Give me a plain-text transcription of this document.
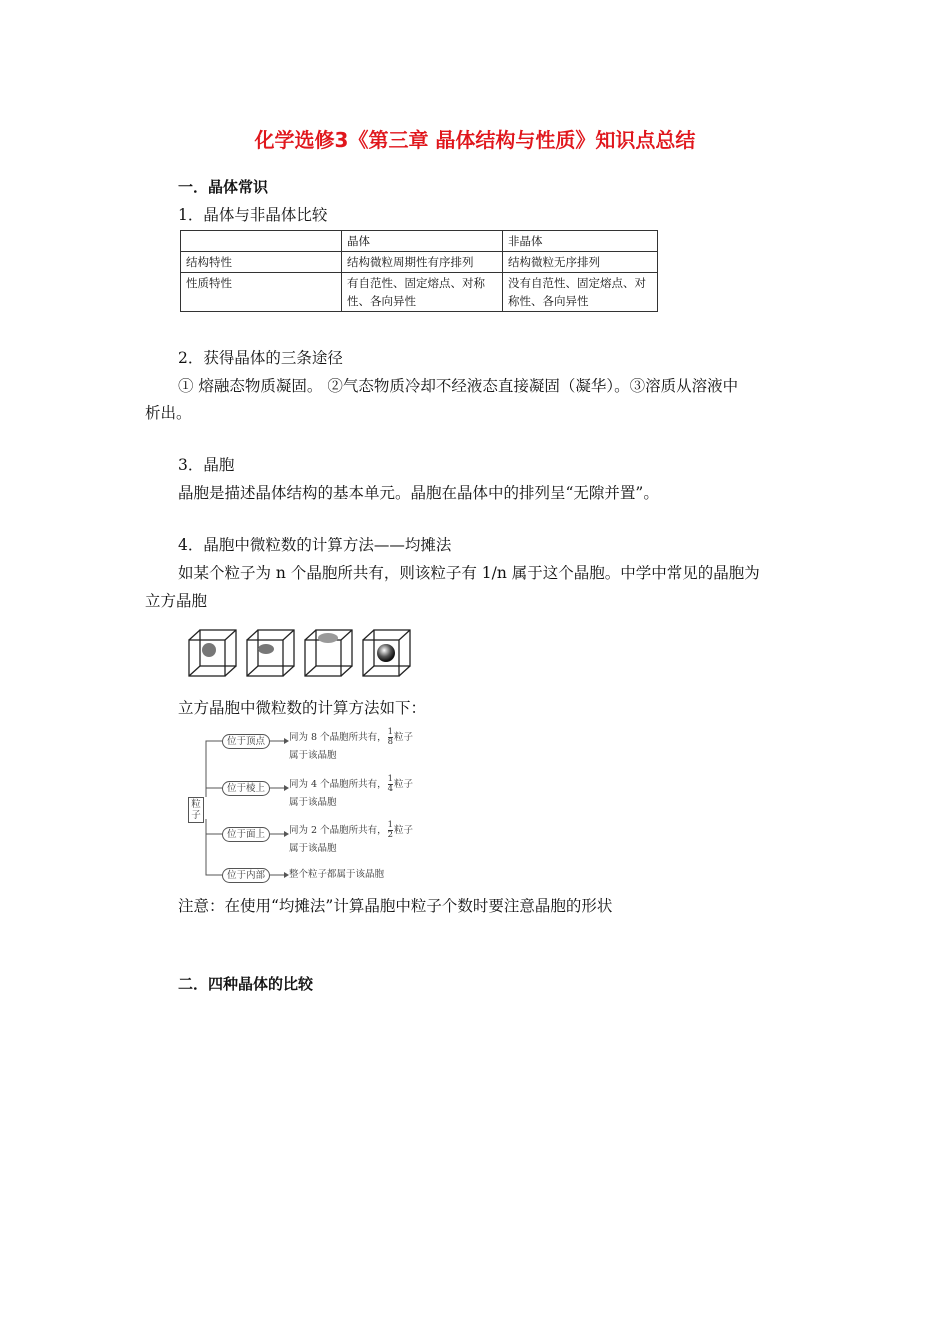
化学选修3《第三章 晶体结构与性质》知识点总结
一．晶体常识
1．晶体与非晶体比较
	晶体	非晶体
结构特性	结构微粒周期性有序排列	结构微粒无序排列
性质特性	有自范性、固定熔点、对称性、各向异性	没有自范性、固定熔点、对称性、各向异性
2．获得晶体的三条途径
① 熔融态物质凝固。 ②气态物质冷却不经液态直接凝固（凝华）。③溶质从溶液中
析出。
3．晶胞
晶胞是描述晶体结构的基本单元。晶胞在晶体中的排列呈“无隙并置”。
4．晶胞中微粒数的计算方法——均摊法
如某个粒子为 n 个晶胞所共有，则该粒子有 1/n 属于这个晶胞。中学中常见的晶胞为
立方晶胞
立方晶胞中微粒数的计算方法如下：
粒子
位于顶点	同为 8 个晶胞所共有， $\frac{1}{8}$ 粒子
属于该晶胞
位于棱上	同为 4 个晶胞所共有， $\frac{1}{4}$ 粒子
属于该晶胞
位于面上	同为 2 个晶胞所共有， $\frac{1}{2}$ 粒子
属于该晶胞
位于内部	整个粒子都属于该晶胞
注意：在使用“均摊法”计算晶胞中粒子个数时要注意晶胞的形状
二．四种晶体的比较
